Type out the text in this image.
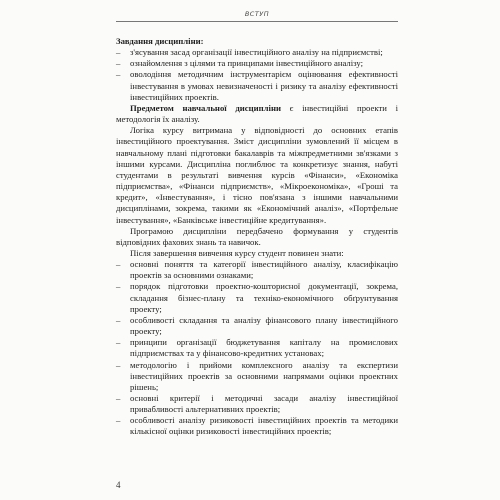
ВСТУП

Завдання дисципліни:

– з'ясування засад організації інвестиційного аналізу на підприємстві;
– ознайомлення з цілями та принципами інвестиційного аналізу;
– оволодіння методичним інструментарієм оцінювання ефективності інвестування в умовах невизначеності і ризику та аналізу ефективності інвестиційних проектів.

Предметом навчальної дисципліни є інвестиційні проекти і методологія їх аналізу.

Логіка курсу витримана у відповідності до основних етапів інвестиційного проектування. Зміст дисципліни зумовлений її місцем в навчальному плані підготовки бакалаврів та міжпредметними зв'язками з іншими курсами. Дисципліна поглиблює та конкретизує знання, набуті студентами в результаті вивчення курсів «Фінанси», «Економіка підприємства», «Фінанси підприємств», «Мікроекономіка», «Гроші та кредит», «Інвестування», і тісно пов'язана з іншими навчальними дисциплінами, зокрема, такими як «Економічний аналіз», «Портфельне інвестування», «Банківське інвестиційне кредитування».

Програмою дисципліни передбачено формування у студентів відповідних фахових знань та навичок.

Після завершення вивчення курсу студент повинен знати:

– основні поняття та категорії інвестиційного аналізу, класифікацію проектів за основними ознаками;
– порядок підготовки проектно-кошторисної документації, зокрема, складання бізнес-плану та техніко-економічного обґрунтування проекту;
– особливості складання та аналізу фінансового плану інвестиційного проекту;
– принципи організації бюджетування капіталу на промислових підприємствах та у фінансово-кредитних установах;
– методологію і прийоми комплексного аналізу та експертизи інвестиційних проектів за основними напрямами оцінки проектних рішень;
– основні критерії і методичні засади аналізу інвестиційної привабливості альтернативних проектів;
– особливості аналізу ризиковості інвестиційних проектів та методики кількісної оцінки ризиковості інвестиційних проектів;
4
